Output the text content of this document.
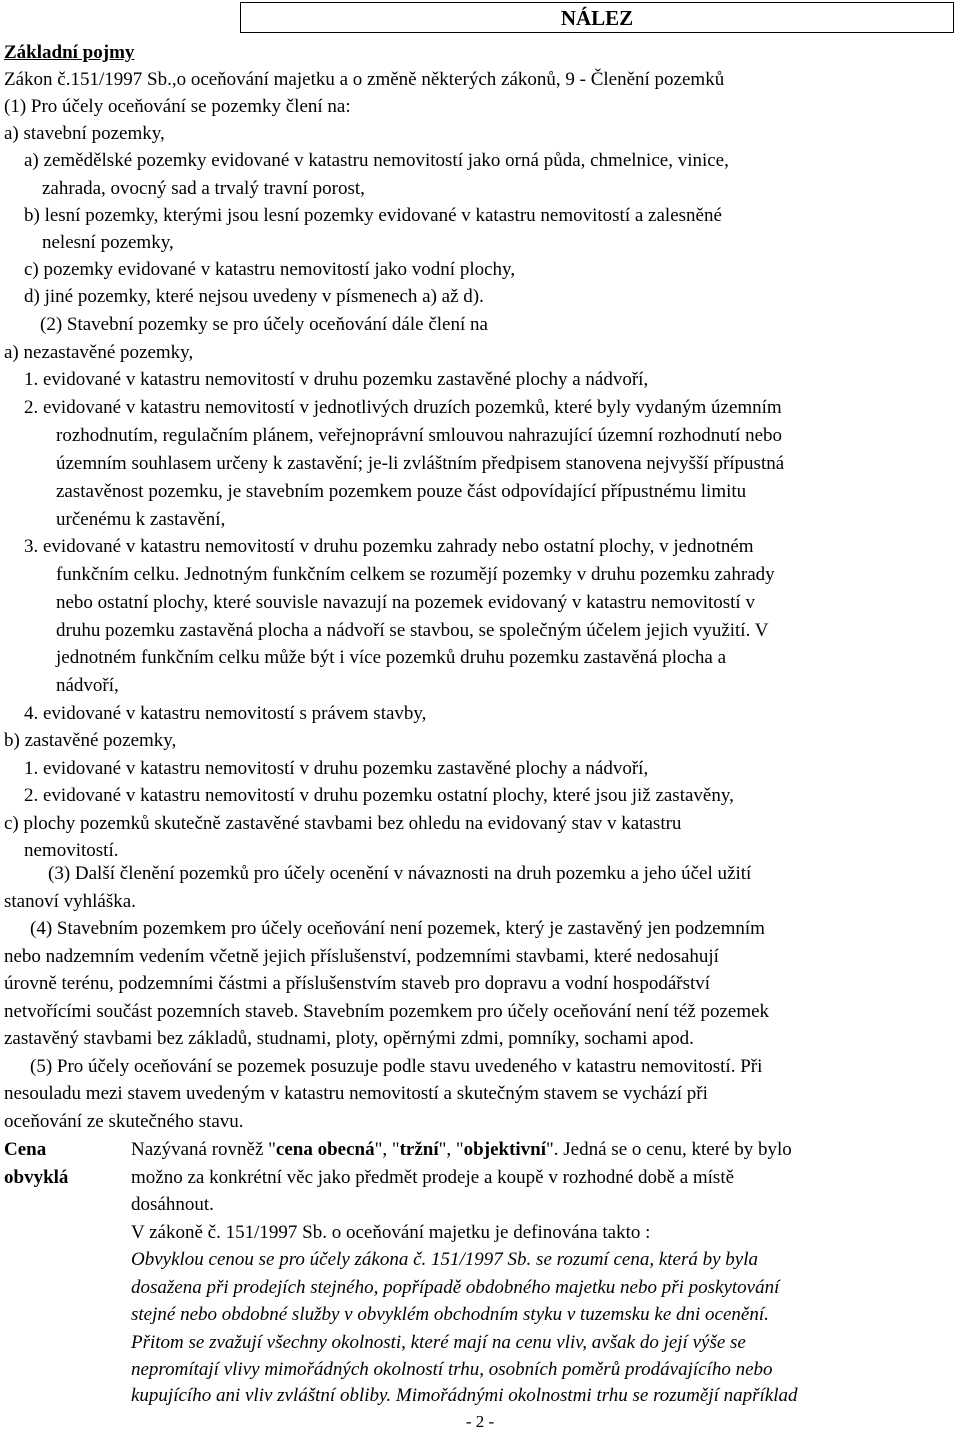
NÁLEZ
Základní pojmy
Zákon č.151/1997 Sb.,o oceňování majetku a o změně některých zákonů, 9 - Členění pozemků
(1) Pro účely oceňování se pozemky člení na:
a) stavební pozemky,
a) zemědělské pozemky evidované v katastru nemovitostí jako orná půda, chmelnice, vinice,
zahrada, ovocný sad a trvalý travní porost,
b) lesní pozemky, kterými jsou lesní pozemky evidované v katastru nemovitostí a zalesněné
nelesní pozemky,
c) pozemky evidované v katastru nemovitostí jako vodní plochy,
d) jiné pozemky, které nejsou uvedeny v písmenech a) až d).
(2) Stavební pozemky se pro účely oceňování dále člení na
a) nezastavěné pozemky,
1. evidované v katastru nemovitostí v druhu pozemku zastavěné plochy a nádvoří,
2. evidované v katastru nemovitostí v jednotlivých druzích pozemků, které byly vydaným územním
rozhodnutím, regulačním plánem, veřejnoprávní smlouvou nahrazující územní rozhodnutí nebo
územním souhlasem určeny k zastavění; je-li zvláštním předpisem stanovena nejvyšší přípustná
zastavěnost pozemku, je stavebním pozemkem pouze část odpovídající přípustnému limitu
určenému k zastavění,
3. evidované v katastru nemovitostí v druhu pozemku zahrady nebo ostatní plochy, v jednotném
funkčním celku. Jednotným funkčním celkem se rozumějí pozemky v druhu pozemku zahrady
nebo ostatní plochy, které souvisle navazují na pozemek evidovaný v katastru nemovitostí v
druhu pozemku zastavěná plocha a nádvoří se stavbou, se společným účelem jejich využití. V
jednotném funkčním celku může být i více pozemků druhu pozemku zastavěná plocha a
nádvoří,
4. evidované v katastru nemovitostí s právem stavby,
b) zastavěné pozemky,
1. evidované v katastru nemovitostí v druhu pozemku zastavěné plochy a nádvoří,
2. evidované v katastru nemovitostí v druhu pozemku ostatní plochy, které jsou již zastavěny,
c) plochy pozemků skutečně zastavěné stavbami bez ohledu na evidovaný stav v katastru
nemovitostí.
(3) Další členění pozemků pro účely ocenění v návaznosti na druh pozemku a jeho účel užití
stanoví vyhláška.
(4) Stavebním pozemkem pro účely oceňování není pozemek, který je zastavěný jen podzemním
nebo nadzemním vedením včetně jejich příslušenství, podzemními stavbami, které nedosahují
úrovně terénu, podzemními částmi a příslušenstvím staveb pro dopravu a vodní hospodářství
netvořícími součást pozemních staveb. Stavebním pozemkem pro účely oceňování není též pozemek
zastavěný stavbami bez základů, studnami, ploty, opěrnými zdmi, pomníky, sochami apod.
(5) Pro účely oceňování se pozemek posuzuje podle stavu uvedeného v katastru nemovitostí. Při
nesouladu mezi stavem uvedeným v katastru nemovitostí a skutečným stavem se vychází při
oceňování ze skutečného stavu.
Cena
obvyklá
Nazývaná rovněž "cena obecná", "tržní", "objektivní". Jedná se o cenu, které by bylo
možno za konkrétní věc jako předmět prodeje a koupě v rozhodné době a místě
dosáhnout.
V zákoně č. 151/1997 Sb. o oceňování majetku je definována takto :
Obvyklou cenou se pro účely zákona č. 151/1997 Sb. se rozumí cena, která by byla
dosažena při prodejích stejného, popřípadě obdobného majetku nebo při poskytování
stejné nebo obdobné služby v obvyklém obchodním styku v tuzemsku ke dni ocenění.
Přitom se zvažují všechny okolnosti, které mají na cenu vliv, avšak do její výše se
nepromítají vlivy mimořádných okolností trhu, osobních poměrů prodávajícího nebo
kupujícího ani vliv zvláštní obliby. Mimořádnými okolnostmi trhu se rozumějí například
- 2 -
